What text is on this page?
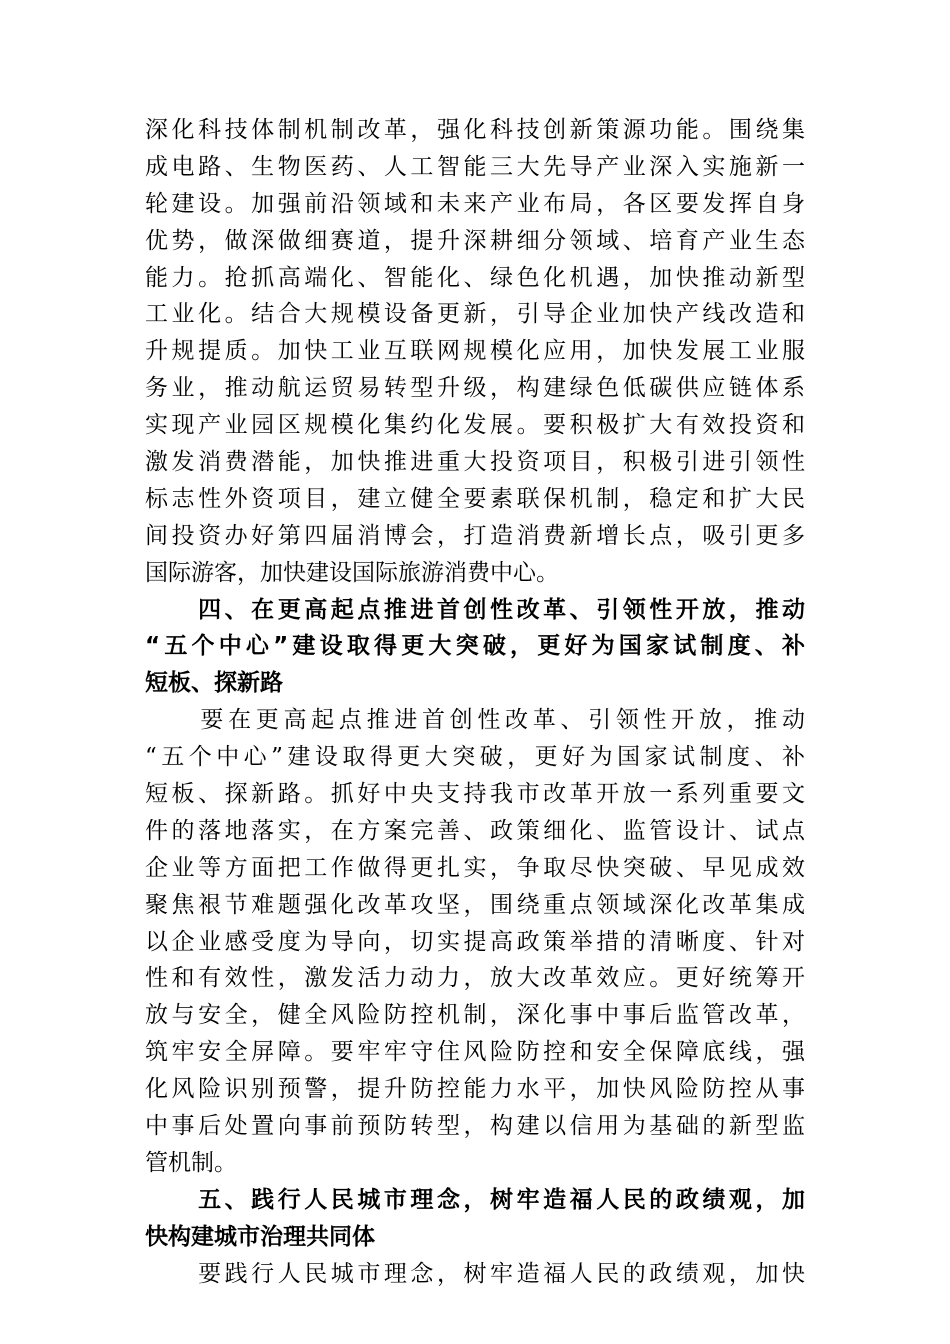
深化科技体制机制改革，强化科技创新策源功能。围绕集
成电路、生物医药、人工智能三大先导产业深入实施新一
轮建设。加强前沿领域和未来产业布局，各区要发挥自身
优势，做深做细赛道，提升深耕细分领域、培育产业生态
能力。抢抓高端化、智能化、绿色化机遇，加快推动新型
工业化。结合大规模设备更新，引导企业加快产线改造和
升规提质。加快工业互联网规模化应用，加快发展工业服
务业，推动航运贸易转型升级，构建绿色低碳供应链体系
实现产业园区规模化集约化发展。要积极扩大有效投资和
激发消费潜能，加快推进重大投资项目，积极引进引领性
标志性外资项目，建立健全要素联保机制，稳定和扩大民
间投资办好第四届消博会，打造消费新增长点，吸引更多
国际游客，加快建设国际旅游消费中心。
　　四、在更高起点推进首创性改革、引领性开放，推动
“五个中心”建设取得更大突破，更好为国家试制度、补
短板、探新路
　　要在更高起点推进首创性改革、引领性开放，推动
“五个中心”建设取得更大突破，更好为国家试制度、补
短板、探新路。抓好中央支持我市改革开放一系列重要文
件的落地落实，在方案完善、政策细化、监管设计、试点
企业等方面把工作做得更扎实，争取尽快突破、早见成效
聚焦裉节难题强化改革攻坚，围绕重点领域深化改革集成
以企业感受度为导向，切实提高政策举措的清晰度、针对
性和有效性，激发活力动力，放大改革效应。更好统筹开
放与安全，健全风险防控机制，深化事中事后监管改革，
筑牢安全屏障。要牢牢守住风险防控和安全保障底线，强
化风险识别预警，提升防控能力水平，加快风险防控从事
中事后处置向事前预防转型，构建以信用为基础的新型监
管机制。
　　五、践行人民城市理念，树牢造福人民的政绩观，加
快构建城市治理共同体
　　要践行人民城市理念，树牢造福人民的政绩观，加快
